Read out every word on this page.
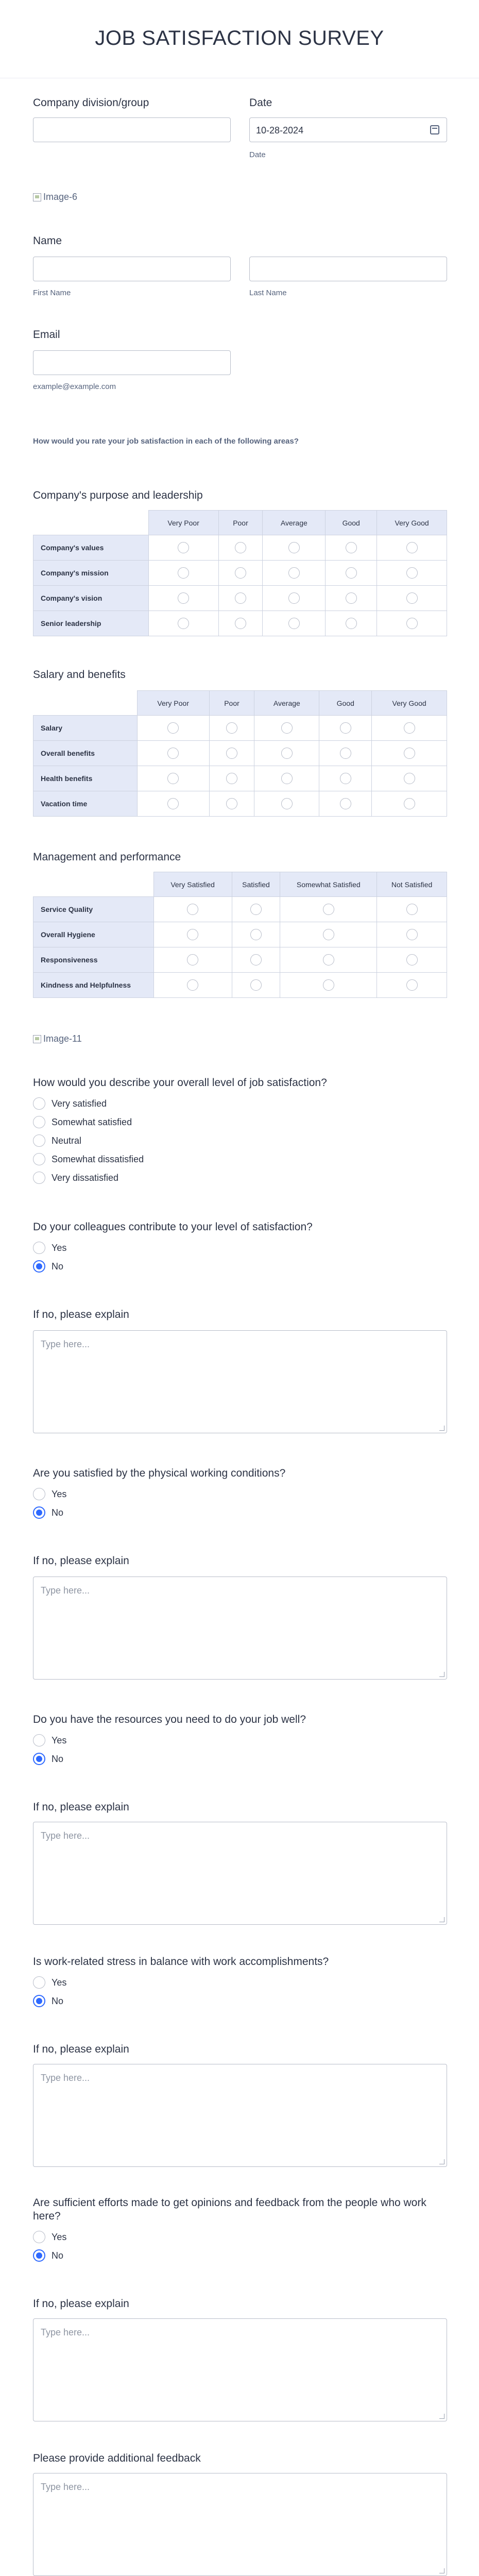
JOB SATISFACTION SURVEY
Company division/group	Date
10-28-2024
Date
Image-6
Name
First Name	Last Name
Email
example@example.com
How would you rate your job satisfaction in each of the following areas?
Company's purpose and leadership
	Very Poor	Poor	Average	Good	Very Good
Company's values					
Company's mission					
Company's vision					
Senior leadership					
Salary and benefits
	Very Poor	Poor	Average	Good	Very Good
Salary					
Overall benefits					
Health benefits					
Vacation time					
Management and performance
	Very Satisfied	Satisfied	Somewhat Satisfied	Not Satisfied
Service Quality				
Overall Hygiene				
Responsiveness				
Kindness and Helpfulness				
Image-11
How would you describe your overall level of job satisfaction?
Very satisfied
Somewhat satisfied
Neutral
Somewhat dissatisfied
Very dissatisfied
Do your colleagues contribute to your level of satisfaction?
Yes
No
If no, please explain
Type here...
Are you satisfied by the physical working conditions?
Yes
No
If no, please explain
Type here...
Do you have the resources you need to do your job well?
Yes
No
If no, please explain
Type here...
Is work-related stress in balance with work accomplishments?
Yes
No
If no, please explain
Type here...
Are sufficient efforts made to get opinions and feedback from the people who work
here?
Yes
No
If no, please explain
Type here...
Please provide additional feedback
Type here...
